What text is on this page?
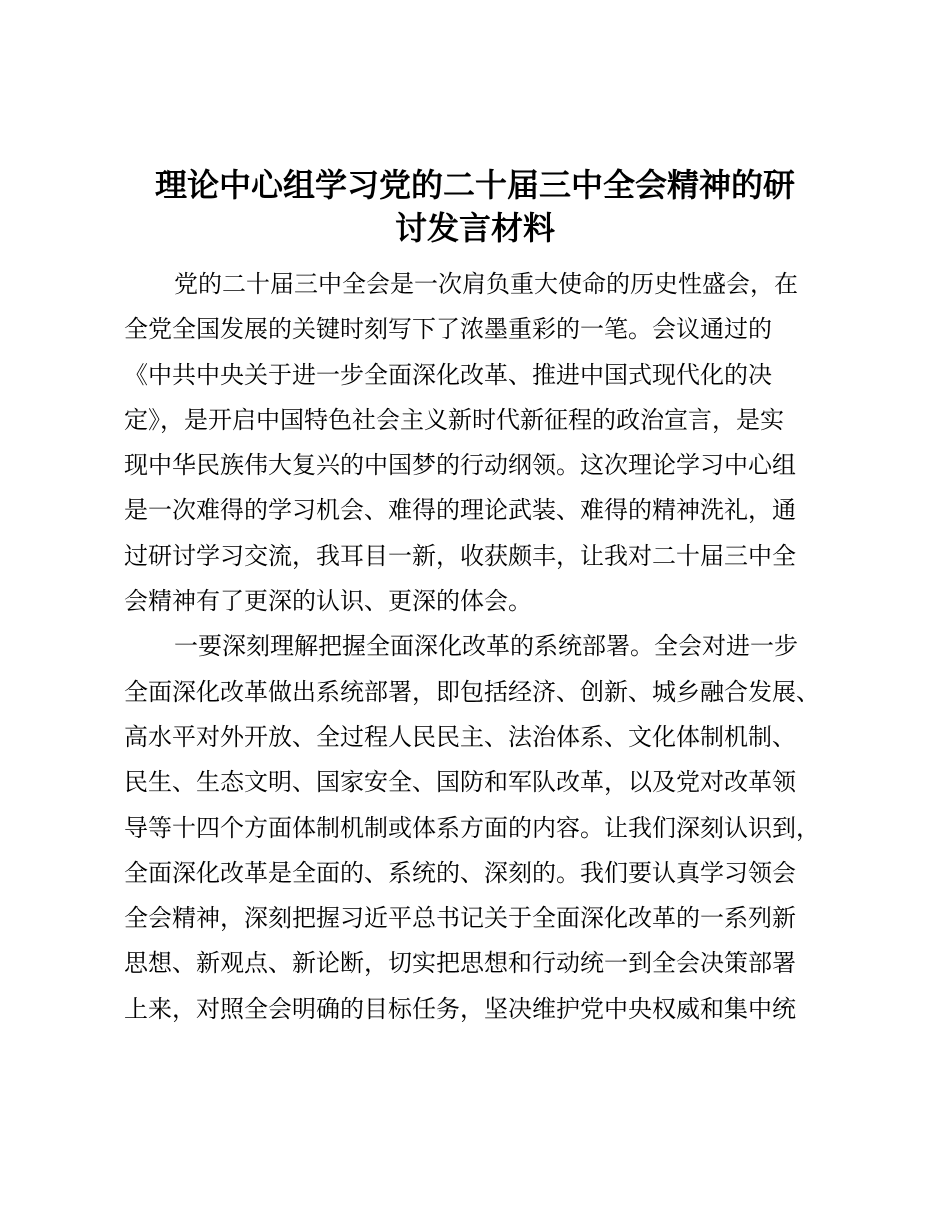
理论中心组学习党的二十届三中全会精神的研
讨发言材料
党的二十届三中全会是一次肩负重大使命的历史性盛会，在
全党全国发展的关键时刻写下了浓墨重彩的一笔。会议通过的
《中共中央关于进一步全面深化改革、推进中国式现代化的决
定》，是开启中国特色社会主义新时代新征程的政治宣言，是实
现中华民族伟大复兴的中国梦的行动纲领。这次理论学习中心组
是一次难得的学习机会、难得的理论武装、难得的精神洗礼，通
过研讨学习交流，我耳目一新，收获颇丰，让我对二十届三中全
会精神有了更深的认识、更深的体会。
一要深刻理解把握全面深化改革的系统部署。全会对进一步
全面深化改革做出系统部署，即包括经济、创新、城乡融合发展、
高水平对外开放、全过程人民民主、法治体系、文化体制机制、
民生、生态文明、国家安全、国防和军队改革，以及党对改革领
导等十四个方面体制机制或体系方面的内容。让我们深刻认识到，
全面深化改革是全面的、系统的、深刻的。我们要认真学习领会
全会精神，深刻把握习近平总书记关于全面深化改革的一系列新
思想、新观点、新论断，切实把思想和行动统一到全会决策部署
上来，对照全会明确的目标任务，坚决维护党中央权威和集中统
